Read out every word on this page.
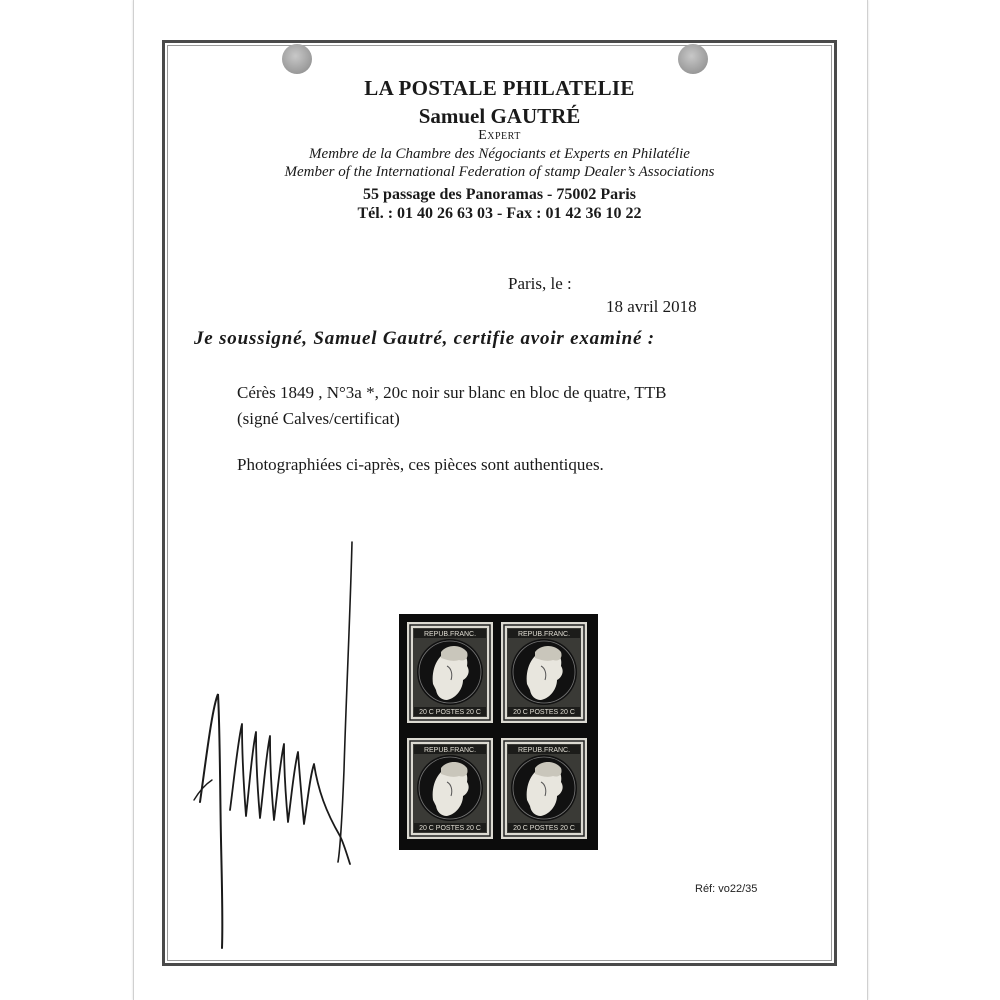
LA POSTALE PHILATELIE
Samuel GAUTRÉ
Expert
Membre de la Chambre des Négociants et Experts en Philatélie
Member of the International Federation of stamp Dealer’s Associations
55 passage des Panoramas - 75002 Paris
Tél. : 01 40 26 63 03 - Fax : 01 42 36 10 22
Paris, le :
18 avril 2018
Je soussigné, Samuel Gautré, certifie avoir examiné :
Cérès 1849 , N°3a *, 20c noir sur blanc en bloc de quatre, TTB
(signé Calves/certificat)
Photographiées ci-après, ces pièces sont authentiques.
REPUB.FRANC.	REPUB.FRANC.
REPUB.FRANC.	REPUB.FRANC.
20 C POSTES 20 C	20 C POSTES 20 C
20 C POSTES 20 C	20 C POSTES 20 C
Réf: vo22/35
